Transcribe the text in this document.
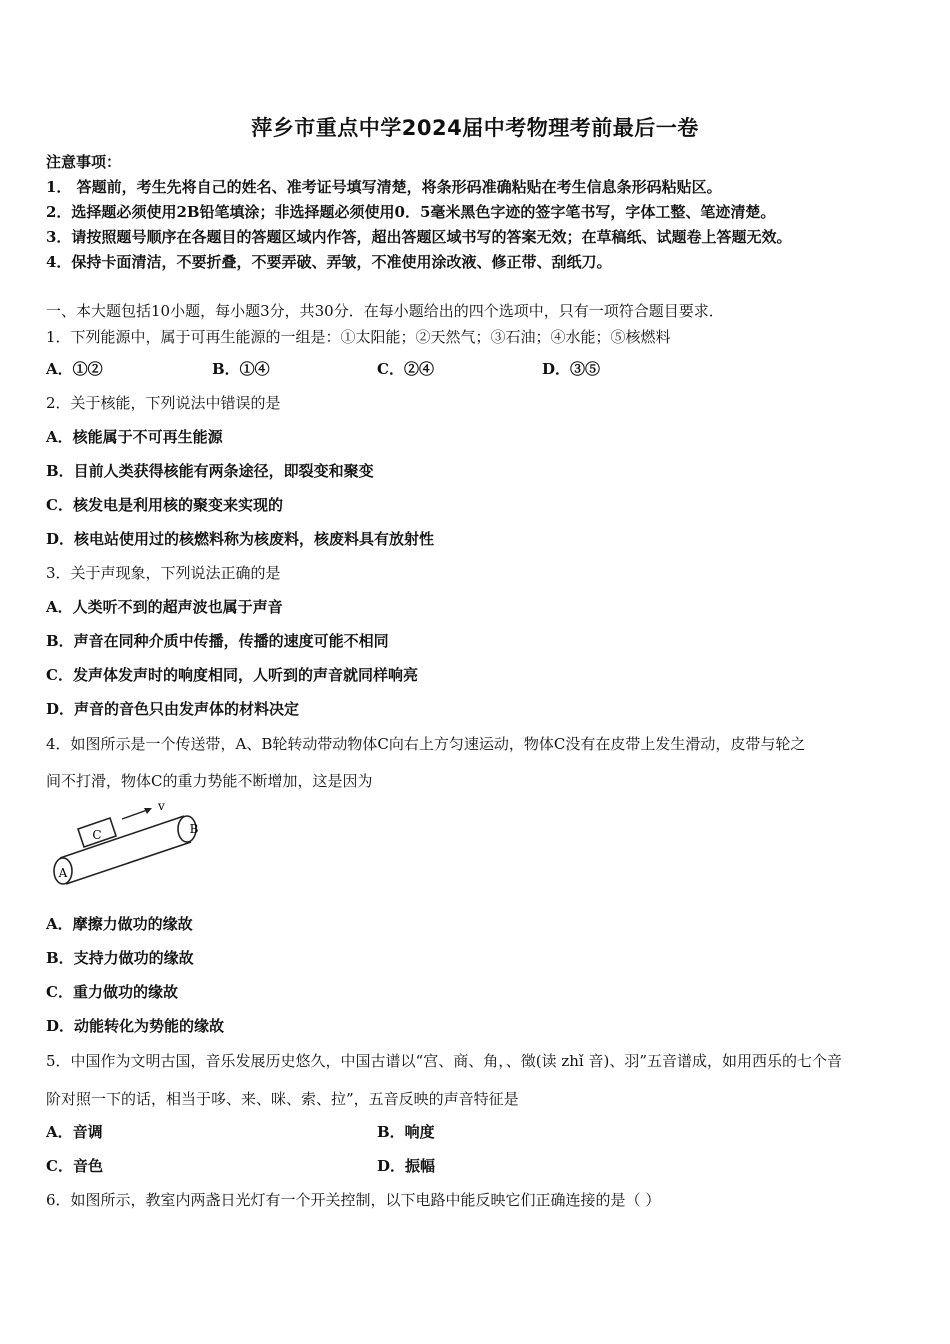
萍乡市重点中学2024届中考物理考前最后一卷
注意事项：
1． 答题前，考生先将自己的姓名、准考证号填写清楚，将条形码准确粘贴在考生信息条形码粘贴区。
2．选择题必须使用2B铅笔填涂；非选择题必须使用0．5毫米黑色字迹的签字笔书写，字体工整、笔迹清楚。
3．请按照题号顺序在各题目的答题区域内作答，超出答题区域书写的答案无效；在草稿纸、试题卷上答题无效。
4．保持卡面清洁，不要折叠，不要弄破、弄皱，不准使用涂改液、修正带、刮纸刀。
一、本大题包括10小题，每小题3分，共30分．在每小题给出的四个选项中，只有一项符合题目要求．
1．下列能源中，属于可再生能源的一组是：①太阳能；②天然气；③石油；④水能；⑤核燃料
A．①②	B．①④	C．②④	D．③⑤
2．关于核能，下列说法中错误的是
A．核能属于不可再生能源
B．目前人类获得核能有两条途径，即裂变和聚变
C．核发电是利用核的聚变来实现的
D．核电站使用过的核燃料称为核废料，核废料具有放射性
3．关于声现象，下列说法正确的是
A．人类听不到的超声波也属于声音
B．声音在同种介质中传播，传播的速度可能不相同
C．发声体发声时的响度相同，人听到的声音就同样响亮
D．声音的音色只由发声体的材料决定
4．如图所示是一个传送带，A、B轮转动带动物体C向右上方匀速运动，物体C没有在皮带上发生滑动，皮带与轮之
间不打滑，物体C的重力势能不断增加，这是因为
A
B
C
v
A．摩擦力做功的缘故
B．支持力做功的缘故
C．重力做功的缘故
D．动能转化为势能的缘故
5．中国作为文明古国，音乐发展历史悠久，中国古谱以“宫、商、角，、徵(读 zhǐ 音)、羽”五音谱成，如用西乐的七个音
阶对照一下的话，相当于哆、来、咪、索、拉”，五音反映的声音特征是
A．音调	B．响度
C．音色	D．振幅
6．如图所示，教室内两盏日光灯有一个开关控制，以下电路中能反映它们正确连接的是（ ）
